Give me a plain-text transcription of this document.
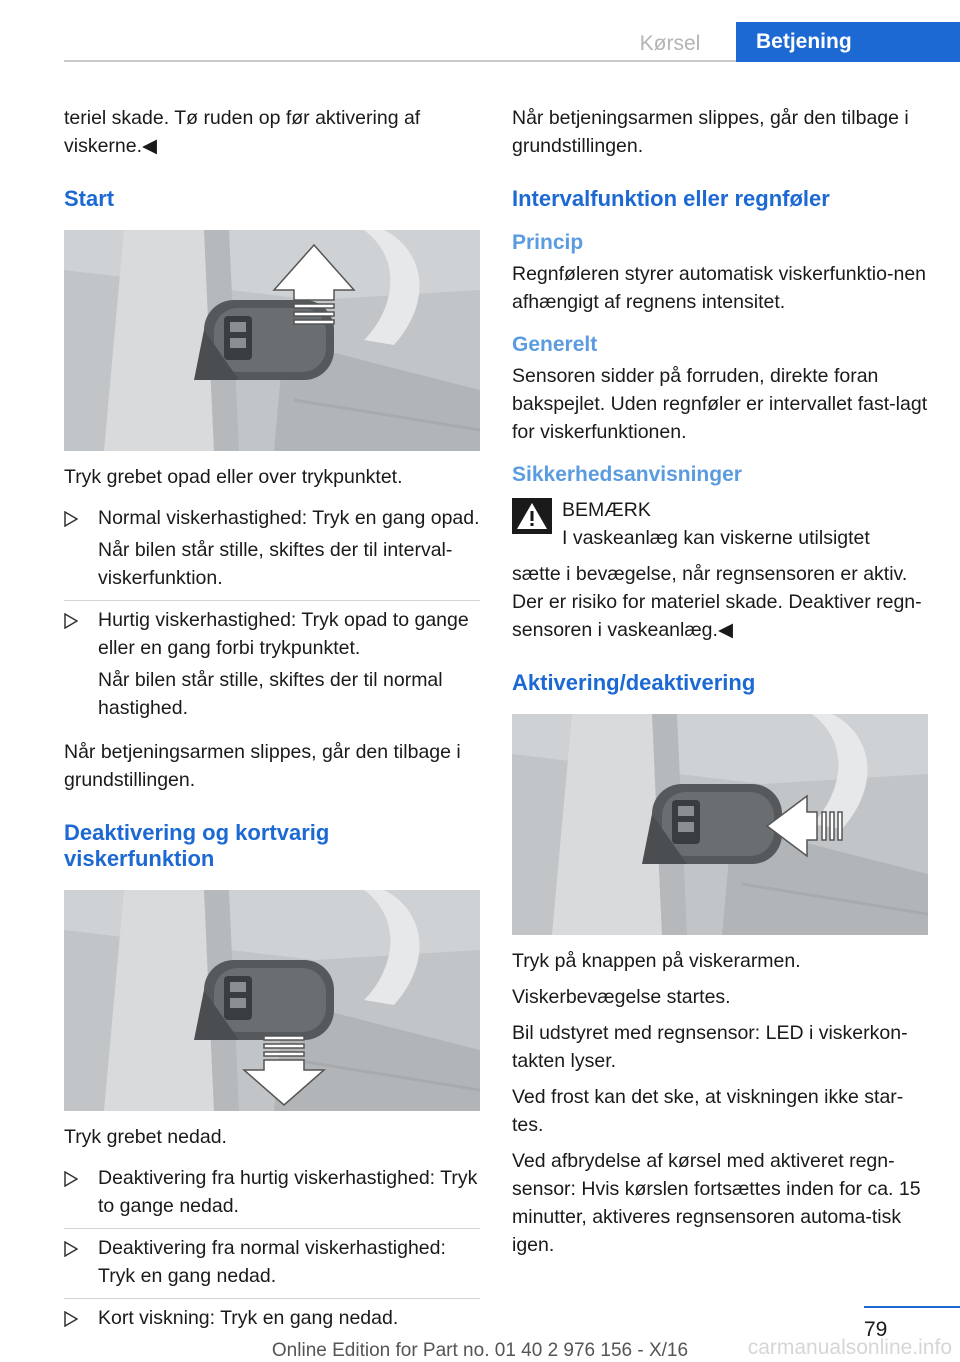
Kørsel	Betjening

teriel skade. Tø ruden op før aktivering af viskerne.◀

Start

Tryk grebet opad eller over trykpunktet.

Normal viskerhastighed: Tryk en gang opad.

Når bilen står stille, skiftes der til interval-viskerfunktion.

Hurtig viskerhastighed: Tryk opad to gange eller en gang forbi trykpunktet.

Når bilen står stille, skiftes der til normal hastighed.

Når betjeningsarmen slippes, går den tilbage i grundstillingen.

Deaktivering og kortvarig viskerfunktion

Tryk grebet nedad.

Deaktivering fra hurtig viskerhastighed: Tryk to gange nedad.

Deaktivering fra normal viskerhastighed: Tryk en gang nedad.

Kort viskning: Tryk en gang nedad.

Når betjeningsarmen slippes, går den tilbage i grundstillingen.

Intervalfunktion eller regnføler
Princip

Regnføleren styrer automatisk viskerfunktio-nen afhængigt af regnens intensitet.

Generelt

Sensoren sidder på forruden, direkte foran bakspejlet. Uden regnføler er intervallet fast-lagt for viskerfunktionen.

Sikkerhedsanvisninger

BEMÆRK

I vaskeanlæg kan viskerne utilsigtet

sætte i bevægelse, når regnsensoren er aktiv. Der er risiko for materiel skade. Deaktiver regn-sensoren i vaskeanlæg.◀

Aktivering/deaktivering

Tryk på knappen på viskerarmen.

Viskerbevægelse startes.

Bil udstyret med regnsensor: LED i viskerkon-takten lyser.

Ved frost kan det ske, at viskningen ikke star-tes.

Ved afbrydelse af kørsel med aktiveret regn-sensor: Hvis kørslen fortsættes inden for ca. 15 minutter, aktiveres regnsensoren automa-tisk igen.

79
Online Edition for Part no. 01 40 2 976 156 - X/16	carmanualsonline.info
